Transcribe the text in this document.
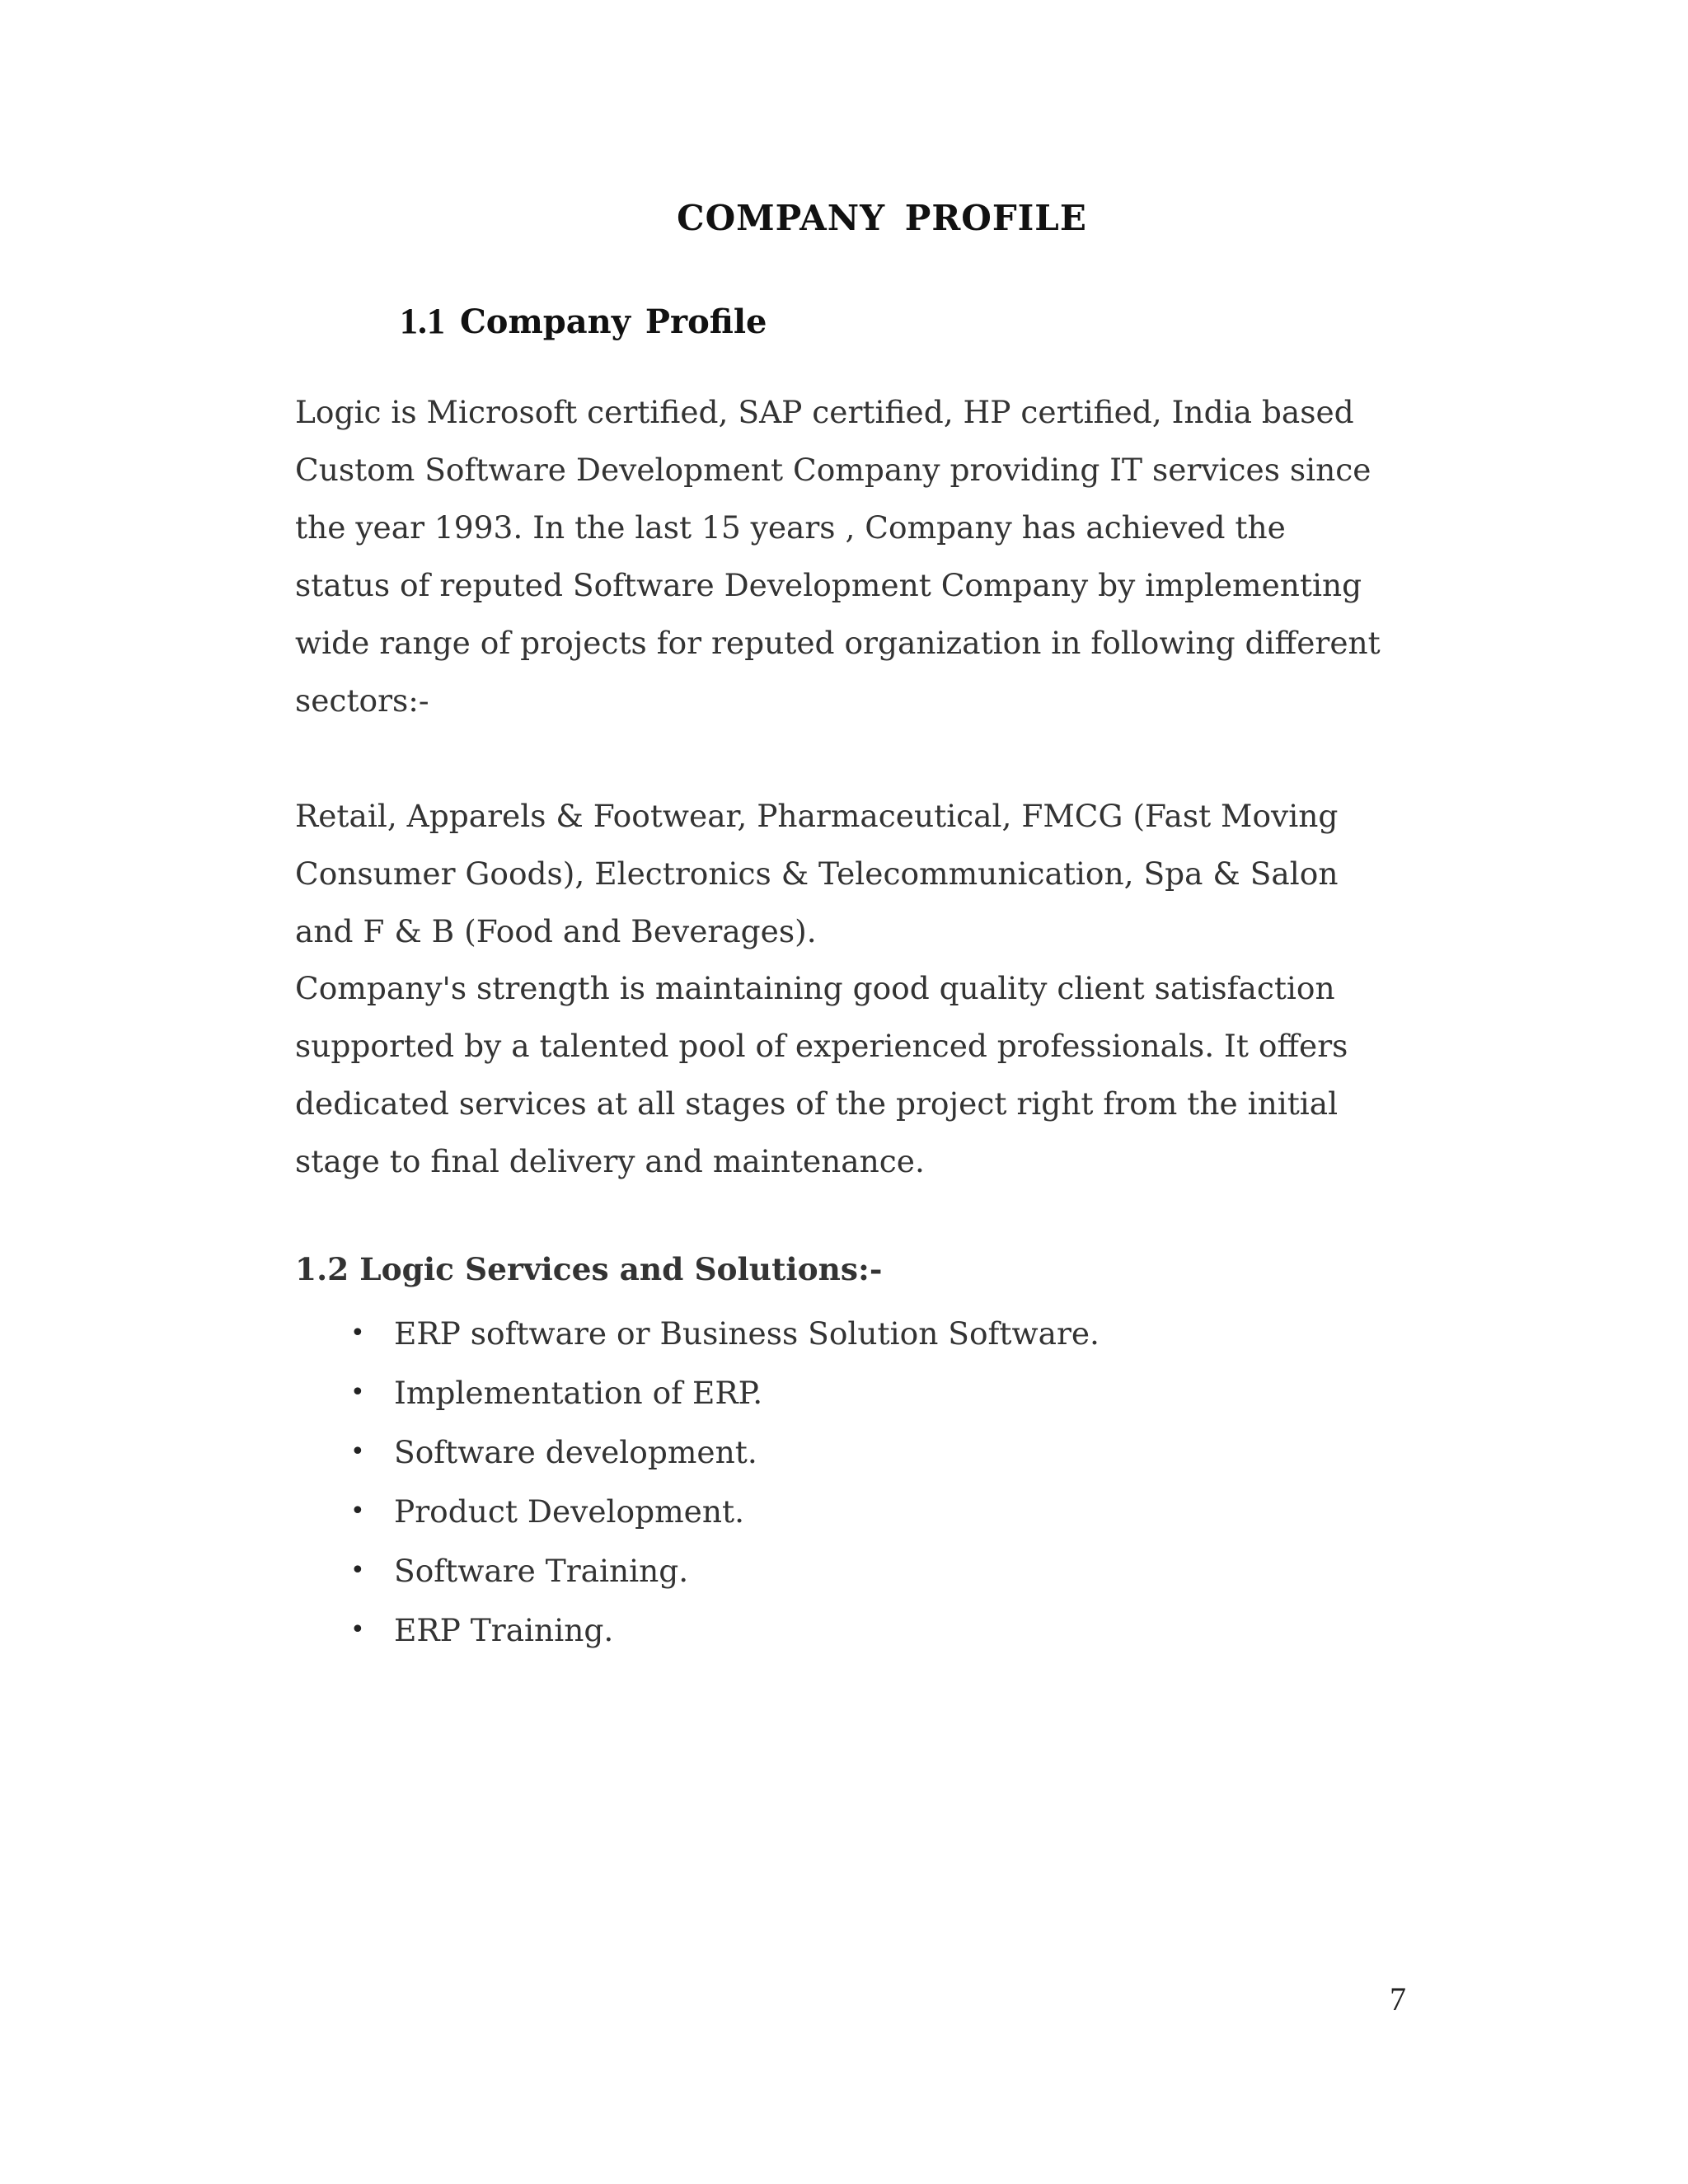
COMPANY PROFILE
1.1 Company Profile

Logic is Microsoft certified, SAP certified, HP certified, India based
Custom Software Development Company providing IT services since
the year 1993. In the last 15 years , Company has achieved the
status of reputed Software Development Company by implementing
wide range of projects for reputed organization in following different
sectors:-

Retail, Apparels & Footwear, Pharmaceutical, FMCG (Fast Moving
Consumer Goods), Electronics & Telecommunication, Spa & Salon
and F & B (Food and Beverages).

Company's strength is maintaining good quality client satisfaction
supported by a talented pool of experienced professionals. It offers
dedicated services at all stages of the project right from the initial
stage to final delivery and maintenance.

1.2 Logic Services and Solutions:-
• ERP software or Business Solution Software.
• Implementation of ERP.
• Software development.
• Product Development.
• Software Training.
• ERP Training.

7
